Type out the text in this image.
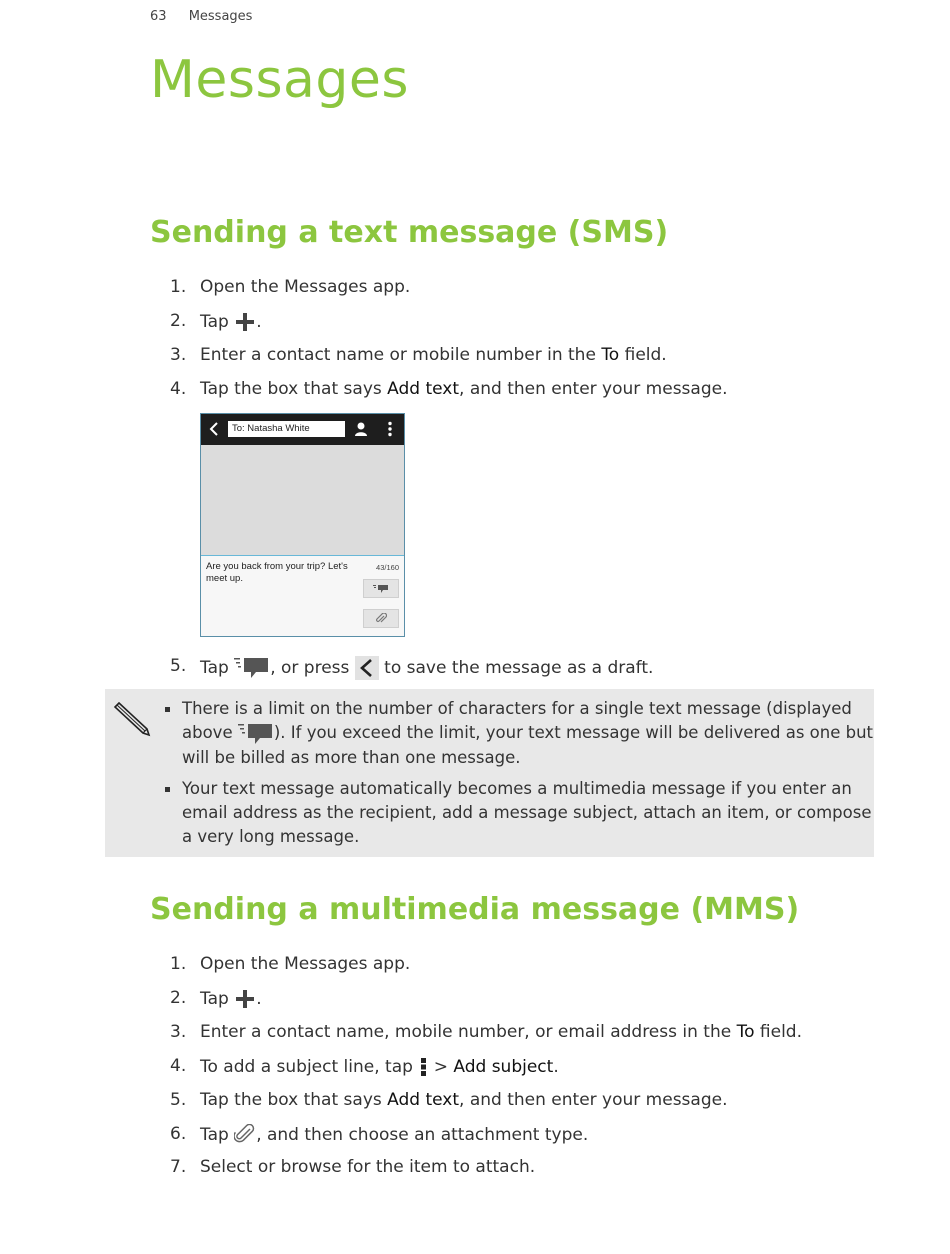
63 Messages
Messages
Sending a text message (SMS)
1. Open the Messages app.
2. Tap .
3. Enter a contact name or mobile number in the To field.
4. Tap the box that says Add text, and then enter your message.
5. Tap , or press  to save the message as a draft.
To: Natasha White
Are you back from your trip? Let's meet up.
43/160
There is a limit on the number of characters for a single text message (displayed above ). If you exceed the limit, your text message will be delivered as one but will be billed as more than one message.
Your text message automatically becomes a multimedia message if you enter an email address as the recipient, add a message subject, attach an item, or compose a very long message.
Sending a multimedia message (MMS)
1. Open the Messages app.
2. Tap .
3. Enter a contact name, mobile number, or email address in the To field.
4. To add a subject line, tap  > Add subject.
5. Tap the box that says Add text, and then enter your message.
6. Tap , and then choose an attachment type.
7. Select or browse for the item to attach.
